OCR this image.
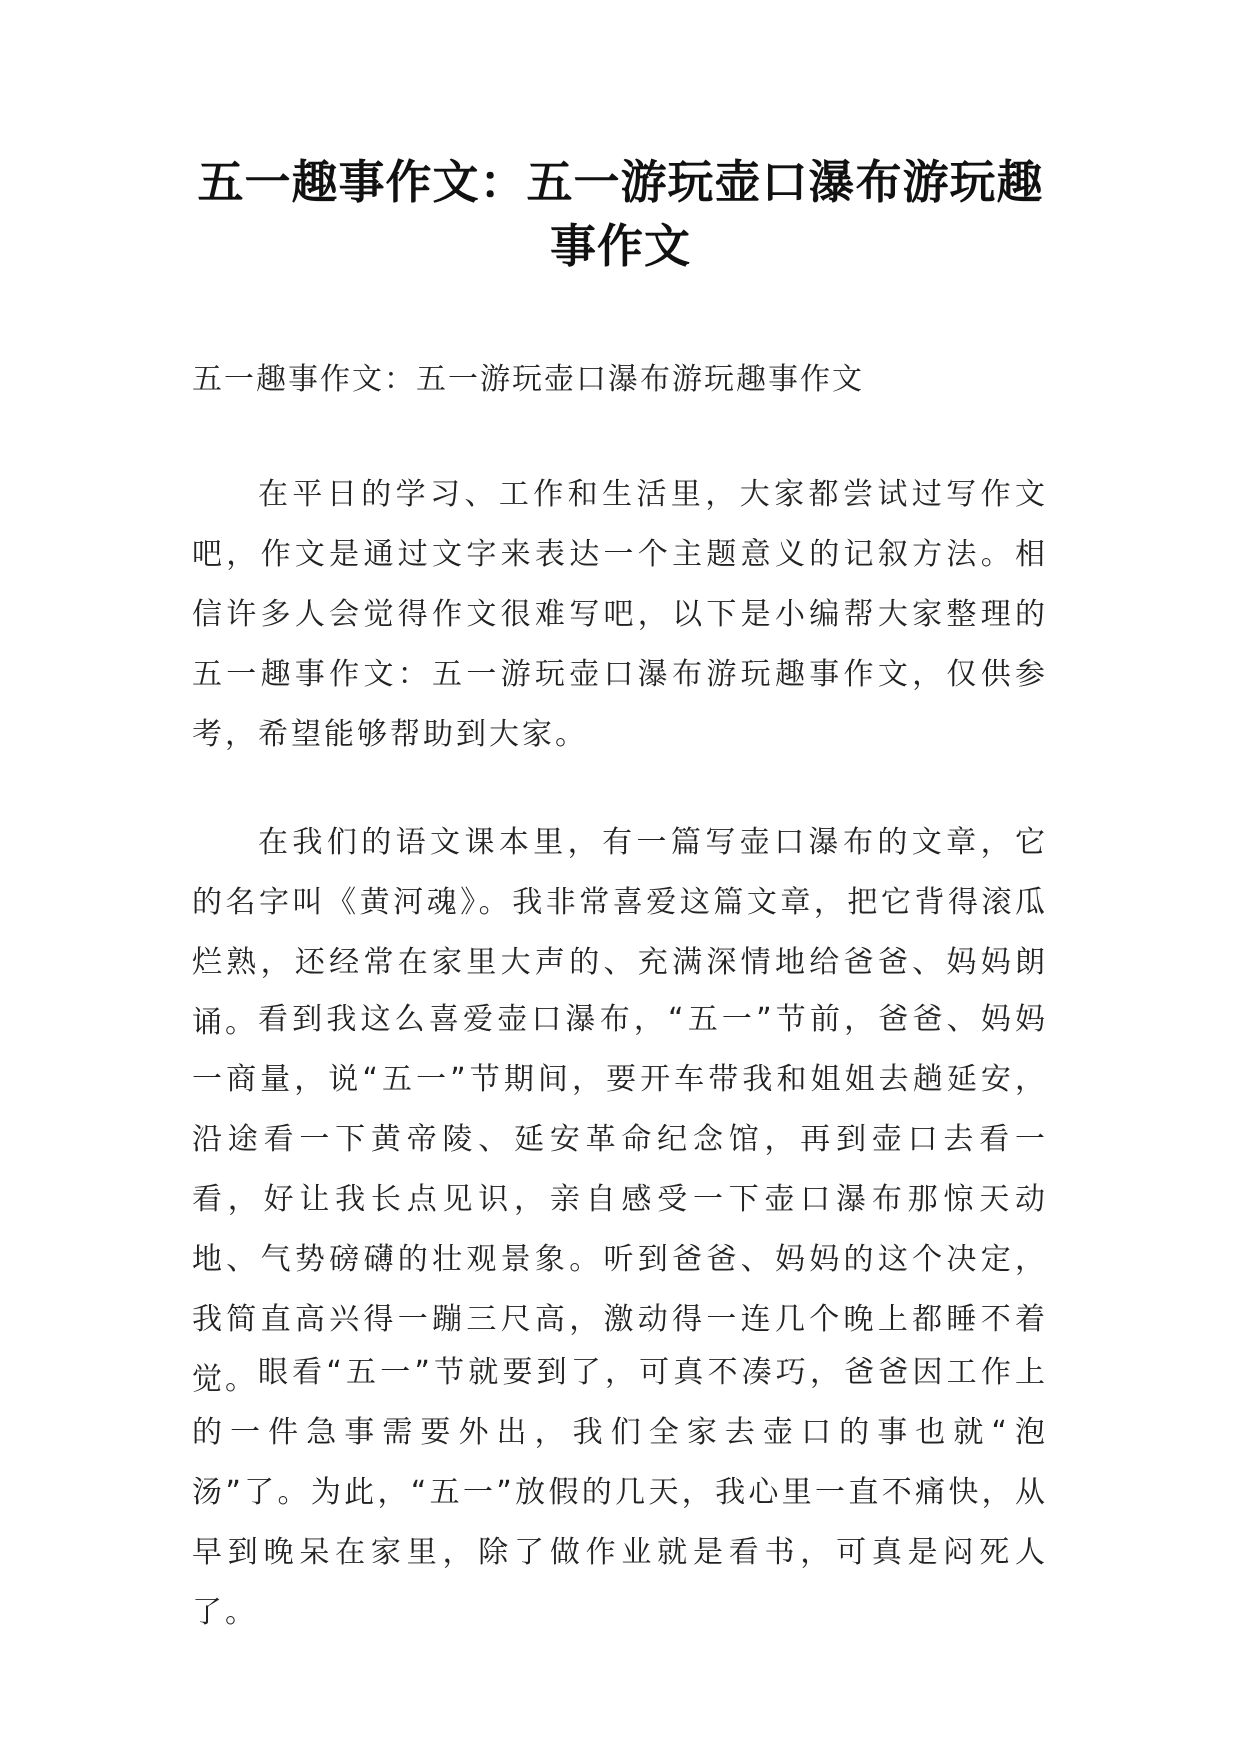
五一趣事作文：五一游玩壶口瀑布游玩趣事作文

五一趣事作文：五一游玩壶口瀑布游玩趣事作文

在平日的学习、工作和生活里，大家都尝试过写作文吧，作文是通过文字来表达一个主题意义的记叙方法。相信许多人会觉得作文很难写吧，以下是小编帮大家整理的五一趣事作文：五一游玩壶口瀑布游玩趣事作文，仅供参考，希望能够帮助到大家。

在我们的语文课本里，有一篇写壶口瀑布的文章，它的名字叫《黄河魂》。我非常喜爱这篇文章，把它背得滚瓜烂熟，还经常在家里大声的、充满深情地给爸爸、妈妈朗诵。 看到我这么喜爱壶口瀑布，“五一”节前，爸爸、妈妈一商量，说“五一”节期间，要开车带我和姐姐去趟延安，沿途看一下黄帝陵、延安革命纪念馆，再到壶口去看一看，好让我长点见识，亲自感受一下壶口瀑布那惊天动地、气势磅礴的壮观景象。听到爸爸、妈妈的这个决定，我简直高兴得一蹦三尺高，激动得一连几个晚上都睡不着觉。 眼看“五一”节就要到了，可真不凑巧，爸爸因工作上的一件急事需要外出，我们全家去壶口的事也就“泡汤”了。为此，“五一”放假的几天，我心里一直不痛快，从早到晚呆在家里，除了做作业就是看书，可真是闷死人了。
